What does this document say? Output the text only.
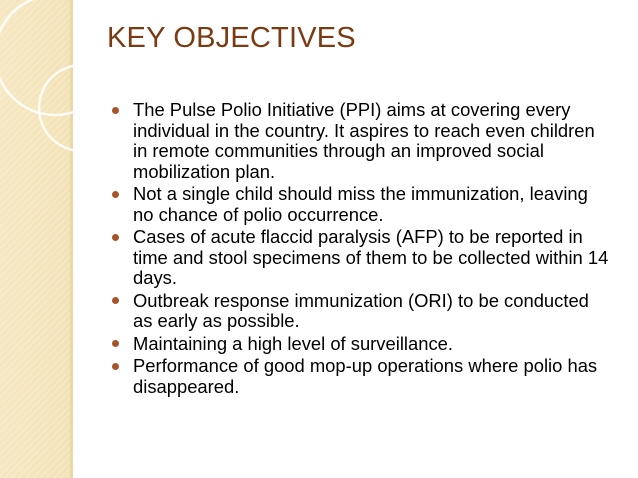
KEY OBJECTIVES
The Pulse Polio Initiative (PPI) aims at covering every individual in the country. It aspires to reach even children in remote communities through an improved social mobilization plan.
Not a single child should miss the immunization, leaving no chance of polio occurrence.
Cases of acute flaccid paralysis (AFP) to be reported in time and stool specimens of them to be collected within 14 days.
Outbreak response immunization (ORI) to be conducted as early as possible.
Maintaining a high level of surveillance.
Performance of good mop-up operations where polio has disappeared.
